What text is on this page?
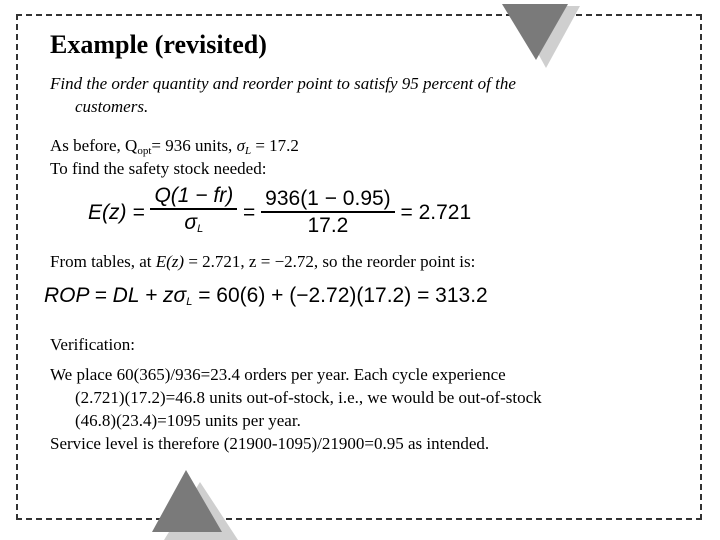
Example (revisited)
Find the order quantity and reorder point to satisfy 95 percent of the
customers.
As before, $Q_{opt}= 936$ units, $\sigma_L = 17.2$
To find the safety stock needed:
$E(z) = \frac{Q(1 - fr)}{\sigma_L} = \frac{936(1 - 0.95)}{17.2} = 2.721$
From tables, at E(z) = 2.721, z = −2.72, so the reorder point is:
ROP = DL + $z\sigma_L = 60(6) + (-2.72)(17.2) = 313.2$
Verification:
We place 60(365)/936=23.4 orders per year. Each cycle experience
(2.721)(17.2)=46.8 units out-of-stock, i.e., we would be out-of-stock
(46.8)(23.4)=1095 units per year.
Service level is therefore (21900-1095)/21900=0.95 as intended.
